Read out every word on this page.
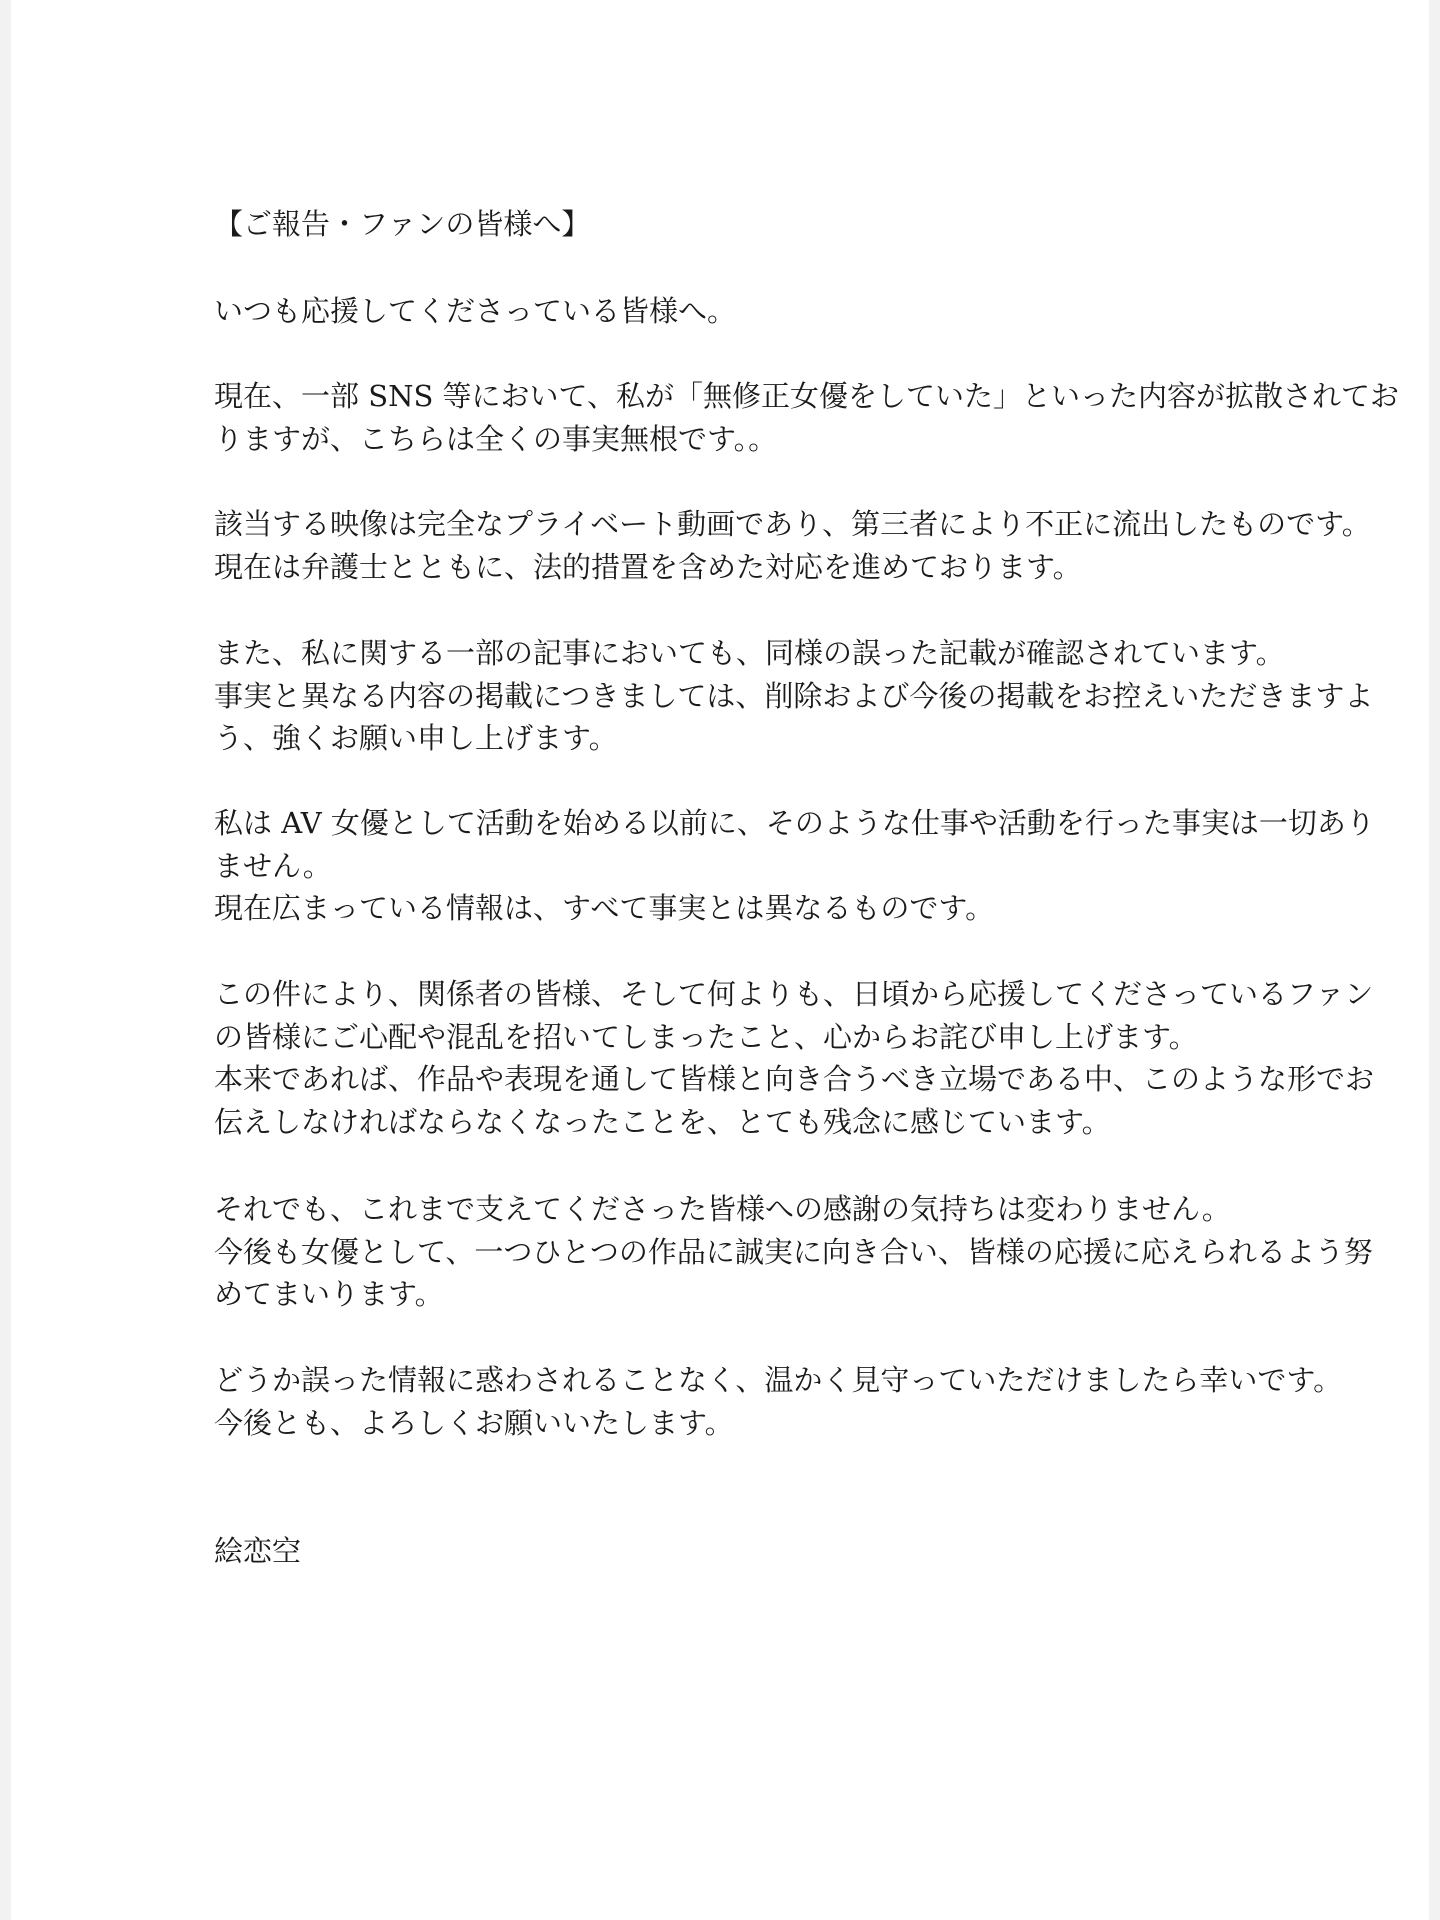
【ご報告・ファンの皆様へ】
いつも応援してくださっている皆様へ。
現在、一部 SNS 等において、私が「無修正女優をしていた」といった内容が拡散されてお
りますが、こちらは全くの事実無根です。。
該当する映像は完全なプライベート動画であり、第三者により不正に流出したものです。
現在は弁護士とともに、法的措置を含めた対応を進めております。
また、私に関する一部の記事においても、同様の誤った記載が確認されています。
事実と異なる内容の掲載につきましては、削除および今後の掲載をお控えいただきますよ
う、強くお願い申し上げます。
私は AV 女優として活動を始める以前に、そのような仕事や活動を行った事実は一切あり
ません。
現在広まっている情報は、すべて事実とは異なるものです。
この件により、関係者の皆様、そして何よりも、日頃から応援してくださっているファン
の皆様にご心配や混乱を招いてしまったこと、心からお詫び申し上げます。
本来であれば、作品や表現を通して皆様と向き合うべき立場である中、このような形でお
伝えしなければならなくなったことを、とても残念に感じています。
それでも、これまで支えてくださった皆様への感謝の気持ちは変わりません。
今後も女優として、一つひとつの作品に誠実に向き合い、皆様の応援に応えられるよう努
めてまいります。
どうか誤った情報に惑わされることなく、温かく見守っていただけましたら幸いです。
今後とも、よろしくお願いいたします。
絵恋空
